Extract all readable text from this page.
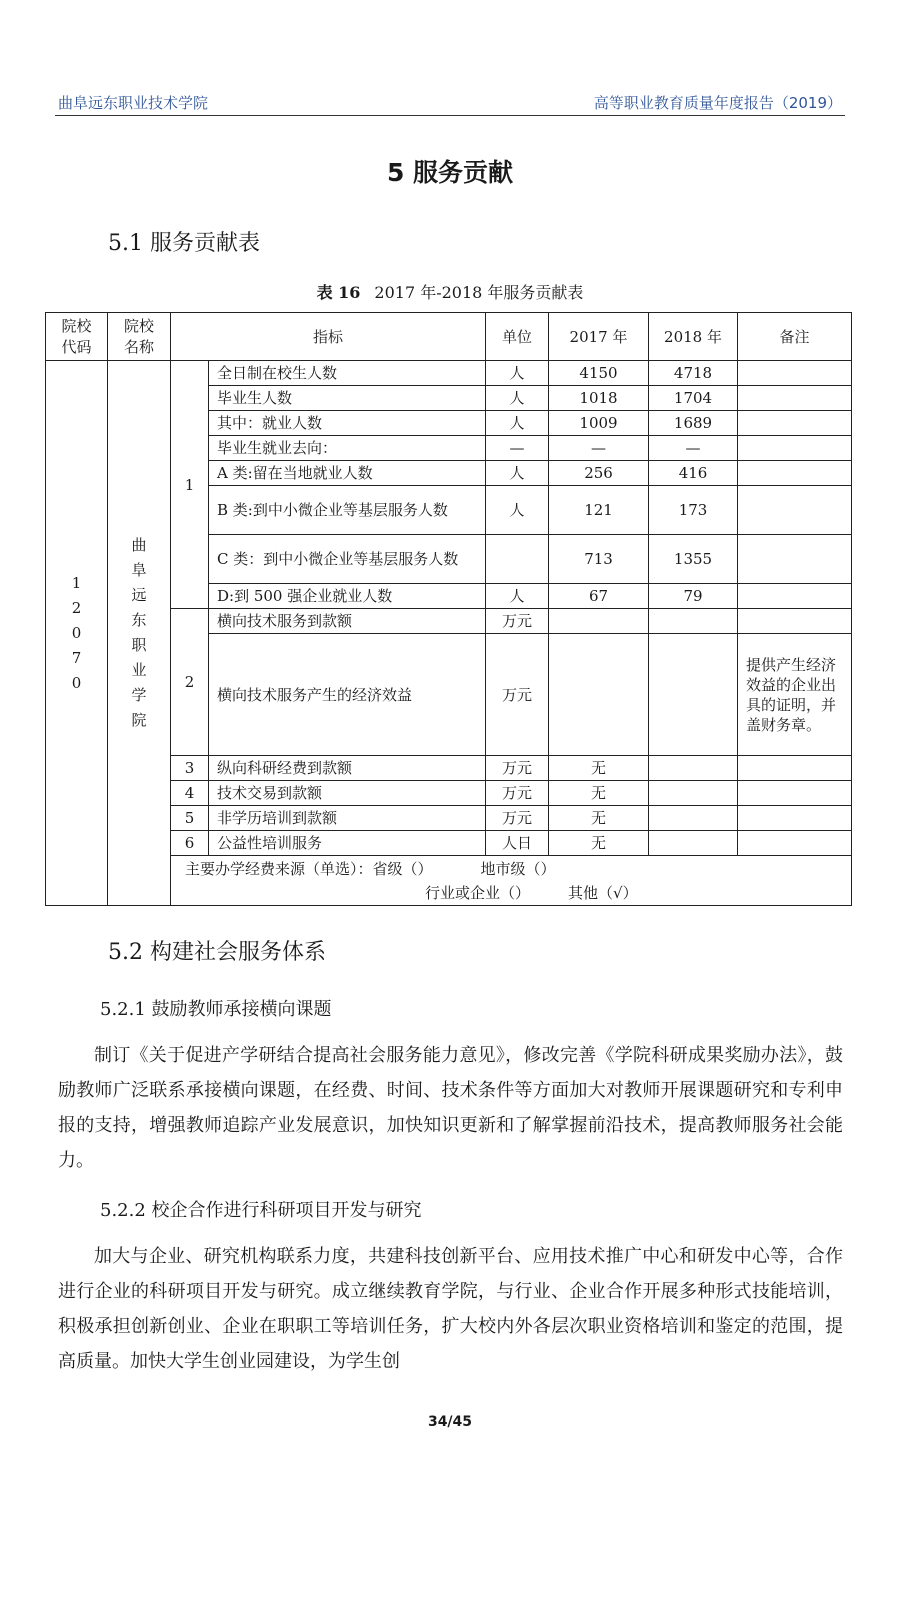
曲阜远东职业技术学院	高等职业教育质量年度报告（2019）
5 服务贡献
5.1 服务贡献表
表 16 2017 年-2018 年服务贡献表
院校代码	院校名称	指标		单位	2017 年	2018 年	备注

12070	曲阜远东职业学院	1	全日制在校生人数	人	4150	4718	
			毕业生人数	人	1018	1704	
			其中：就业人数	人	1009	1689	
			毕业生就业去向：	—	—	—	
			A 类:留在当地就业人数	人	256	416	
			B 类:到中小微企业等基层服务人数	人	121	173	
			C 类：到中小微企业等基层服务人数		713	1355	
			D:到 500 强企业就业人数	人	67	79	
		2	横向技术服务到款额	万元			
			横向技术服务产生的经济效益	万元			提供产生经济效益的企业出具的证明，并盖财务章。
		3	纵向科研经费到款额	万元	无		
		4	技术交易到款额	万元	无		
		5	非学历培训到款额	万元	无		
		6	公益性培训服务	人日	无		

		主要办学经费来源（单选）：省级（） 地市级（）
行业或企业（） 其他（√）					
5.2 构建社会服务体系
5.2.1 鼓励教师承接横向课题
制订《关于促进产学研结合提高社会服务能力意见》，修改完善《学院科研成果奖励办法》，鼓励教师广泛联系承接横向课题，在经费、时间、技术条件等方面加大对教师开展课题研究和专利申报的支持，增强教师追踪产业发展意识，加快知识更新和了解掌握前沿技术，提高教师服务社会能力。
5.2.2 校企合作进行科研项目开发与研究
加大与企业、研究机构联系力度，共建科技创新平台、应用技术推广中心和研发中心等，合作进行企业的科研项目开发与研究。成立继续教育学院，与行业、企业合作开展多种形式技能培训，积极承担创新创业、企业在职职工等培训任务，扩大校内外各层次职业资格培训和鉴定的范围，提高质量。加快大学生创业园建设，为学生创
34/45
